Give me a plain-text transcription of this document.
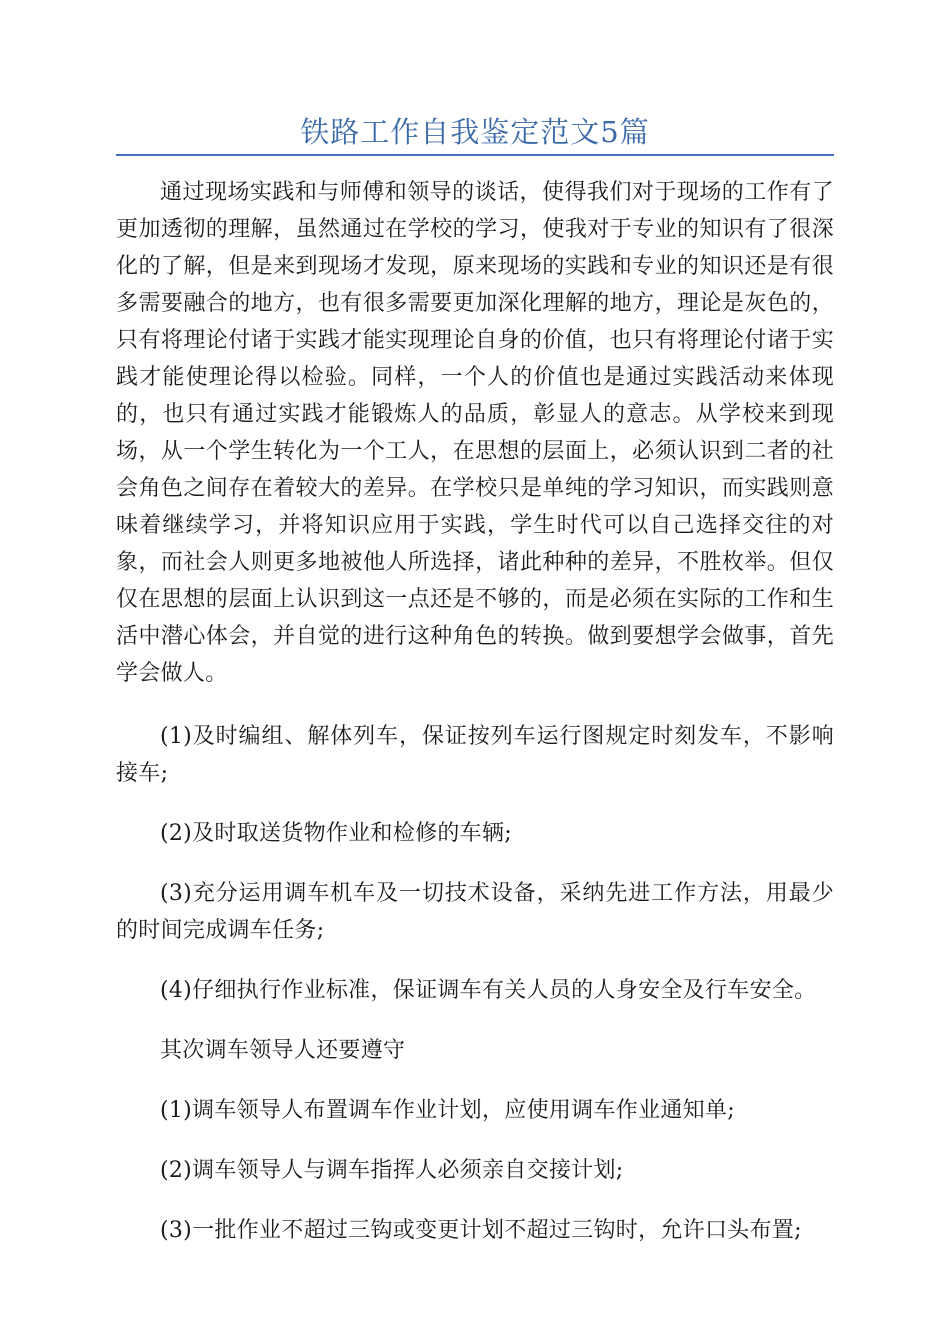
铁路工作自我鉴定范文5篇

通过现场实践和与师傅和领导的谈话，使得我们对于现场的工作有了更加透彻的理解，虽然通过在学校的学习，使我对于专业的知识有了很深化的了解，但是来到现场才发现，原来现场的实践和专业的知识还是有很多需要融合的地方，也有很多需要更加深化理解的地方，理论是灰色的，只有将理论付诸于实践才能实现理论自身的价值，也只有将理论付诸于实践才能使理论得以检验。同样，一个人的价值也是通过实践活动来体现的，也只有通过实践才能锻炼人的品质，彰显人的意志。从学校来到现场，从一个学生转化为一个工人，在思想的层面上，必须认识到二者的社会角色之间存在着较大的差异。在学校只是单纯的学习知识，而实践则意味着继续学习，并将知识应用于实践，学生时代可以自己选择交往的对象，而社会人则更多地被他人所选择，诸此种种的差异，不胜枚举。但仅仅在思想的层面上认识到这一点还是不够的，而是必须在实际的工作和生活中潜心体会，并自觉的进行这种角色的转换。做到要想学会做事，首先学会做人。

(1)及时编组、解体列车，保证按列车运行图规定时刻发车，不影响接车;

(2)及时取送货物作业和检修的车辆;

(3)充分运用调车机车及一切技术设备，采纳先进工作方法，用最少的时间完成调车任务;

(4)仔细执行作业标准，保证调车有关人员的人身安全及行车安全。

其次调车领导人还要遵守

(1)调车领导人布置调车作业计划，应使用调车作业通知单;

(2)调车领导人与调车指挥人必须亲自交接计划;

(3)一批作业不超过三钩或变更计划不超过三钩时，允许口头布置;
